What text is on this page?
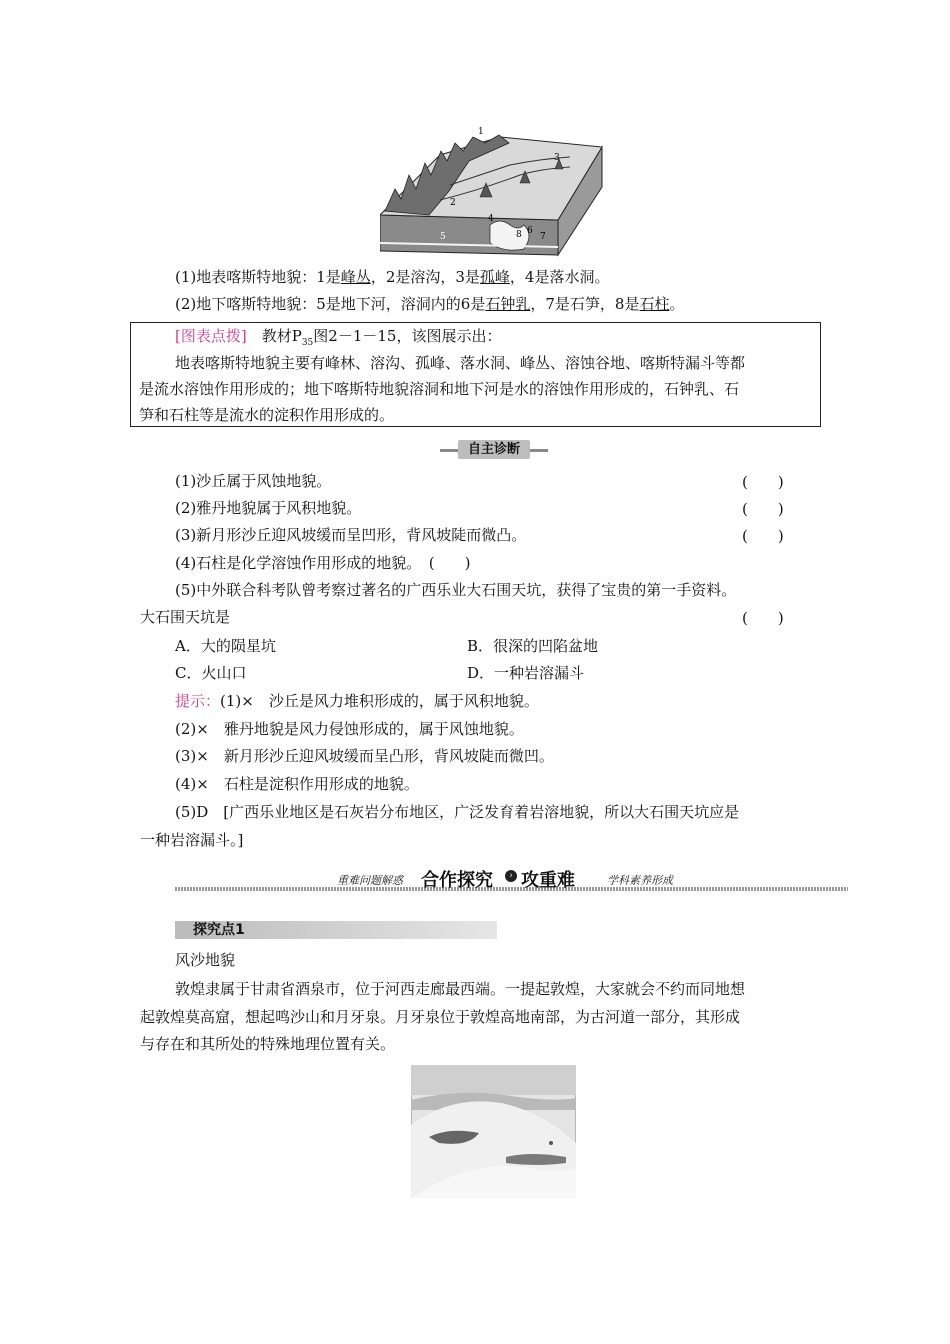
1
2
3
4
5
6
7
8
(1)地表喀斯特地貌：1是峰丛，2是溶沟，3是孤峰，4是落水洞。
(2)地下喀斯特地貌：5是地下河，溶洞内的6是石钟乳，7是石笋，8是石柱。
[图表点拨]　 教材$P_{35}$图2－1－15，该图展示出：
地表喀斯特地貌主要有峰林、溶沟、孤峰、落水洞、峰丛、溶蚀谷地、喀斯特漏斗等都
是流水溶蚀作用形成的；地下喀斯特地貌溶洞和地下河是水的溶蚀作用形成的，石钟乳、石
笋和石柱等是流水的淀积作用形成的。
自主诊断
(1)沙丘属于风蚀地貌。	(　　)
(2)雅丹地貌属于风积地貌。	(　　)
(3)新月形沙丘迎风坡缓而呈凹形，背风坡陡而微凸。	(　　)
(4)石柱是化学溶蚀作用形成的地貌。　(　　)
(5)中外联合科考队曾考察过著名的广西乐业大石围天坑，获得了宝贵的第一手资料。
大石围天坑是	(　　)
A．大的陨星坑	B．很深的凹陷盆地
C．火山口	D．一种岩溶漏斗
提示：(1)×　沙丘是风力堆积形成的，属于风积地貌。
(2)×　雅丹地貌是风力侵蚀形成的，属于风蚀地貌。
(3)×　新月形沙丘迎风坡缓而呈凸形，背风坡陡而微凹。
(4)×　石柱是淀积作用形成的地貌。
(5)D　[广西乐业地区是石灰岩分布地区，广泛发育着岩溶地貌，所以大石围天坑应是
一种岩溶漏斗。]
重难问题解惑 合作探究	› 攻重难	学科素养形成
探究点1
风沙地貌
敦煌隶属于甘肃省酒泉市，位于河西走廊最西端。一提起敦煌，大家就会不约而同地想
起敦煌莫高窟，想起鸣沙山和月牙泉。月牙泉位于敦煌高地南部，为古河道一部分，其形成
与存在和其所处的特殊地理位置有关。
